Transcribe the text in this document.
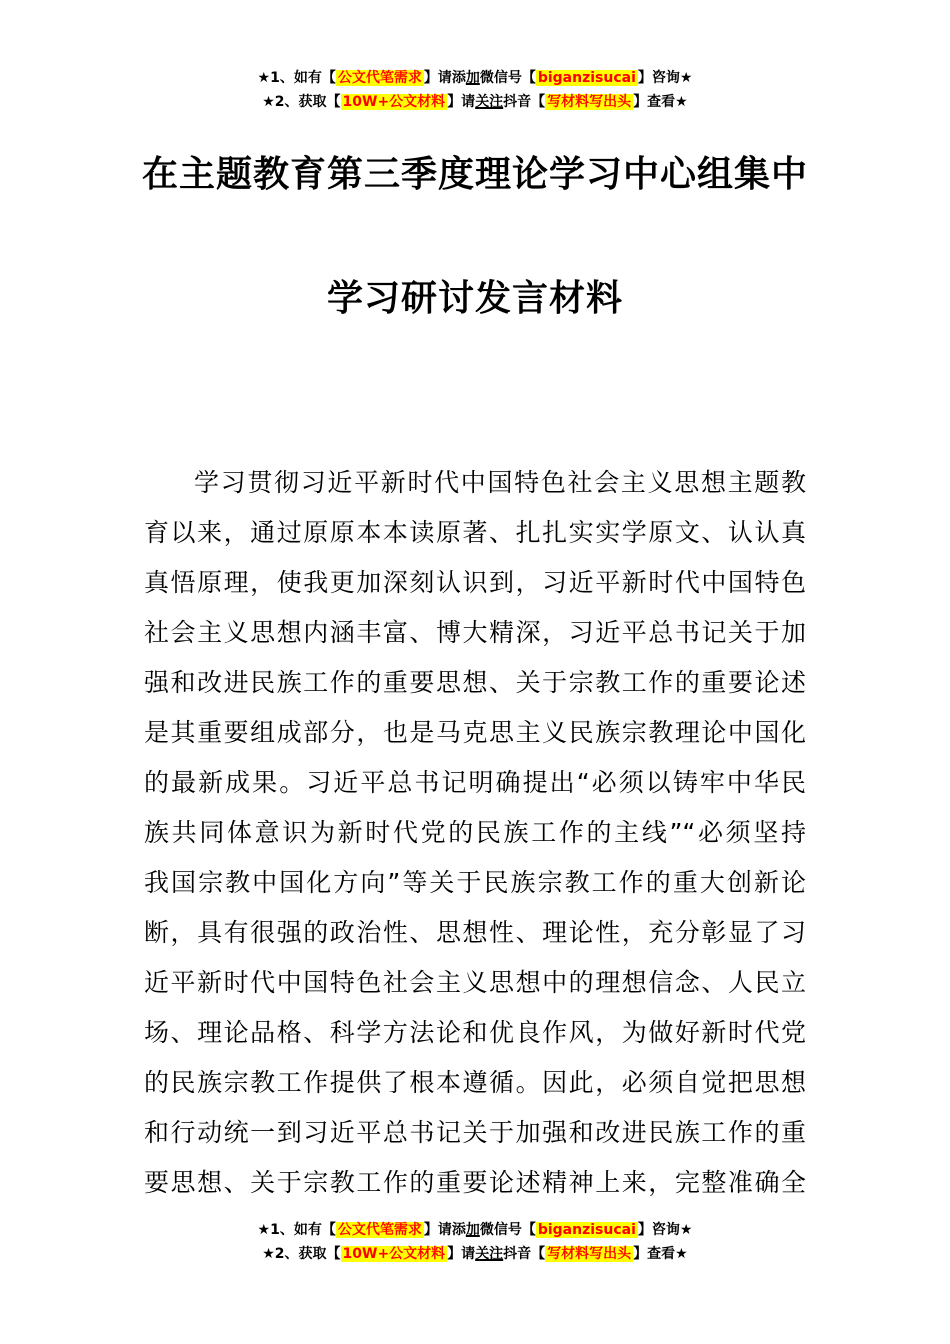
★1、如有【 公文代笔需求 】请添加微信号【 biganzisucai 】咨询★
★2、获取【 10W+公文材料 】请关注抖音【 写材料写出头 】查看★
在主题教育第三季度理论学习中心组集中
学习研讨发言材料
学习贯彻习近平新时代中国特色社会主义思想主题教
育以来，通过原原本本读原著、扎扎实实学原文、认认真
真悟原理，使我更加深刻认识到，习近平新时代中国特色
社会主义思想内涵丰富、博大精深，习近平总书记关于加
强和改进民族工作的重要思想、关于宗教工作的重要论述
是其重要组成部分，也是马克思主义民族宗教理论中国化
的最新成果。习近平总书记明确提出“必须以铸牢中华民
族共同体意识为新时代党的民族工作的主线”“必须坚持
我国宗教中国化方向”等关于民族宗教工作的重大创新论
断，具有很强的政治性、思想性、理论性，充分彰显了习
近平新时代中国特色社会主义思想中的理想信念、人民立
场、理论品格、科学方法论和优良作风，为做好新时代党
的民族宗教工作提供了根本遵循。因此，必须自觉把思想
和行动统一到习近平总书记关于加强和改进民族工作的重
要思想、关于宗教工作的重要论述精神上来，完整准确全
★1、如有【 公文代笔需求 】请添加微信号【 biganzisucai 】咨询★
★2、获取【 10W+公文材料 】请关注抖音【 写材料写出头 】查看★
